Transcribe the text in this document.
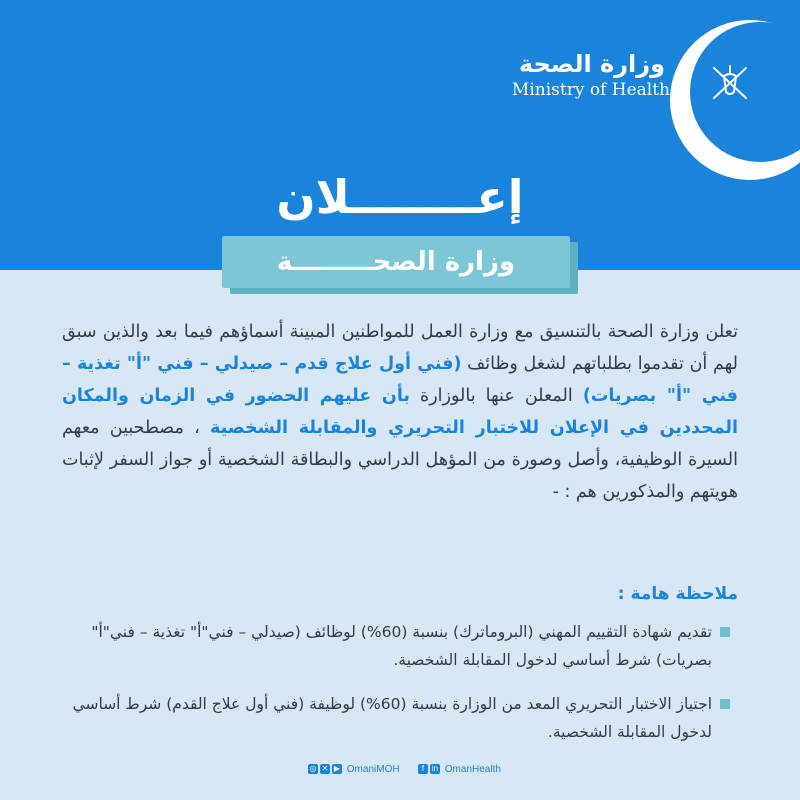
وزارة الصحة
Ministry of Health
إعــــــــلان
وزارة الصحـــــــــة

تعلن وزارة الصحة بالتنسيق مع وزارة العمل للمواطنين المبينة أسماؤهم فيما بعد والذين سبق لهم أن تقدموا بطلباتهم لشغل وظائف (فني أول علاج قدم – صيدلي – فني "أ" تغذية – فني "أ" بصريات) المعلن عنها بالوزارة بأن عليهم الحضور في الزمان والمكان المحددين في الإعلان للاختبار التحريري والمقابلة الشخصية ، مصطحبين معهم السيرة الوظيفية، وأصل وصورة من المؤهل الدراسي والبطاقة الشخصية أو جواز السفر لإثبات هويتهم والمذكورين هم : -

ملاحظة هامة :
تقديم شهادة التقييم المهني (البروماترك) بنسبة (60%) لوظائف (صيدلي – فني"أ" تغذية – فني"أ" بصريات) شرط أساسي لدخول المقابلة الشخصية.
اجتياز الاختبار التحريري المعد من الوزارة بنسبة (60%) لوظيفة (فني أول علاج القدم) شرط أساسي لدخول المقابلة الشخصية.
◎ ✕ ▶ OmaniMOH	f in OmanHealth
